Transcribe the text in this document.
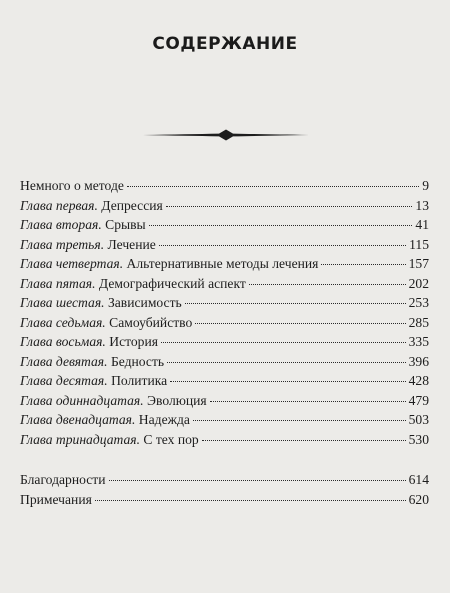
СОДЕРЖАНИЕ
Немного о методе	9
Глава первая. Депрессия	13
Глава вторая. Срывы	41
Глава третья. Лечение	115
Глава четвертая. Альтернативные методы лечения	157
Глава пятая. Демографический аспект	202
Глава шестая. Зависимость	253
Глава седьмая. Самоубийство	285
Глава восьмая. История	335
Глава девятая. Бедность	396
Глава десятая. Политика	428
Глава одиннадцатая. Эволюция	479
Глава двенадцатая. Надежда	503
Глава тринадцатая. С тех пор	530
Благодарности	614
Примечания	620
